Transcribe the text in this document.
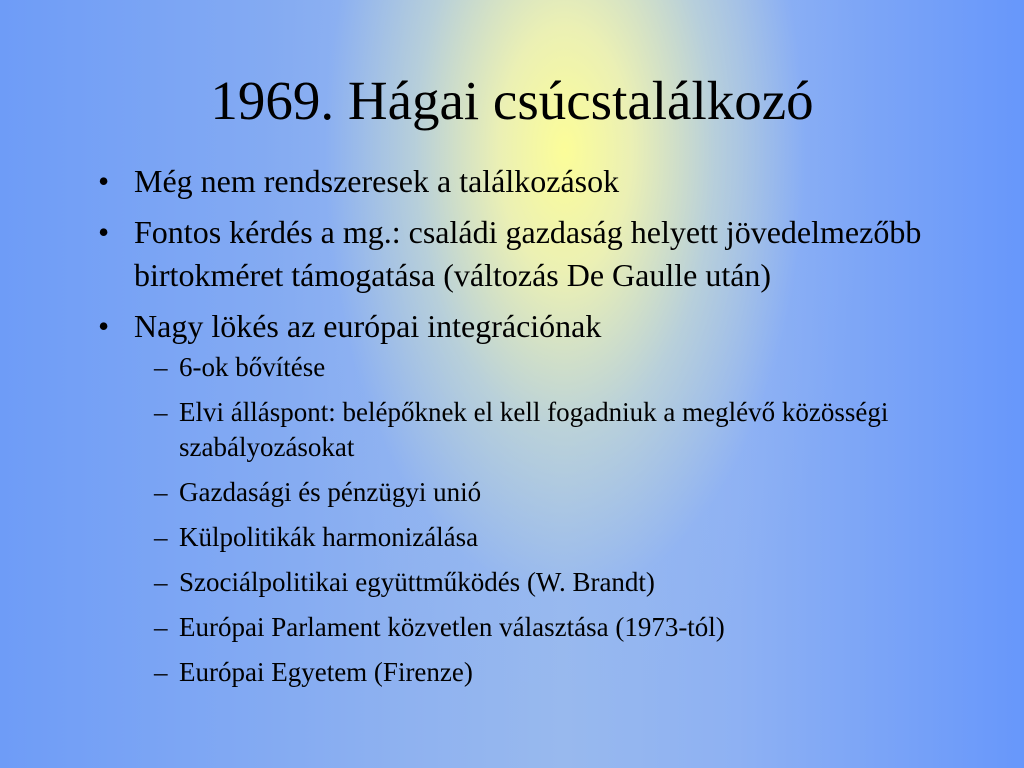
1969. Hágai csúcstalálkozó
• Még nem rendszeresek a találkozások
• Fontos kérdés a mg.: családi gazdaság helyett jövedelmezőbb birtokméret támogatása (változás De Gaulle után)
• Nagy lökés az európai integrációnak
– 6-ok bővítése
– Elvi álláspont: belépőknek el kell fogadniuk a meglévő közösségi szabályozásokat
– Gazdasági és pénzügyi unió
– Külpolitikák harmonizálása
– Szociálpolitikai együttműködés (W. Brandt)
– Európai Parlament közvetlen választása (1973-tól)
– Európai Egyetem (Firenze)
